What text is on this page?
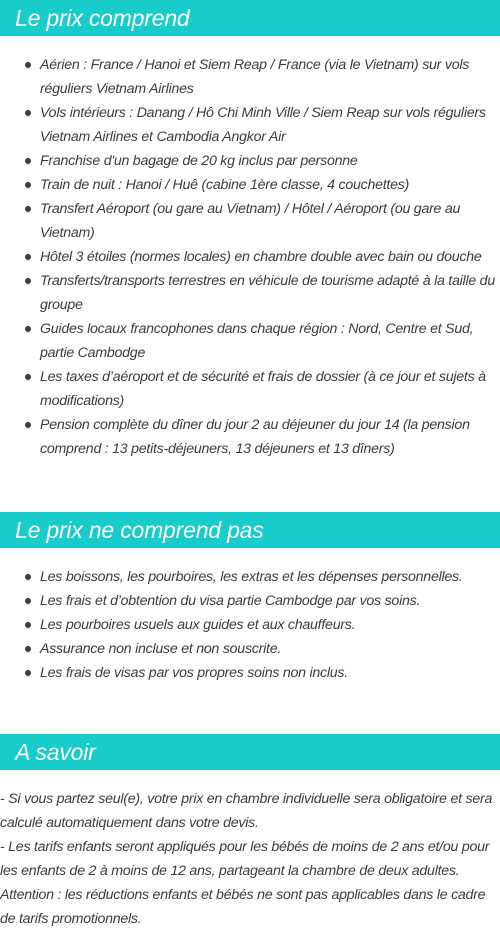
Le prix comprend
Aérien : France / Hanoi et Siem Reap / France (via le Vietnam) sur vols réguliers Vietnam Airlines
Vols intérieurs : Danang / Hô Chi Minh Ville / Siem Reap sur vols réguliers Vietnam Airlines et Cambodia Angkor Air
Franchise d'un bagage de 20 kg inclus par personne
Train de nuit : Hanoi / Huê (cabine 1ère classe, 4 couchettes)
Transfert Aéroport (ou gare au Vietnam) / Hôtel / Aéroport (ou gare au Vietnam)
Hôtel 3 étoiles (normes locales) en chambre double avec bain ou douche
Transferts/transports terrestres en véhicule de tourisme adapté à la taille du groupe
Guides locaux francophones dans chaque région : Nord, Centre et Sud, partie Cambodge
Les taxes d’aéroport et de sécurité et frais de dossier (à ce jour et sujets à modifications)
Pension complète du dîner du jour 2 au déjeuner du jour 14 (la pension comprend : 13 petits-déjeuners, 13 déjeuners et 13 dîners)
Le prix ne comprend pas
Les boissons, les pourboires, les extras et les dépenses personnelles.
Les frais et d’obtention du visa partie Cambodge par vos soins.
Les pourboires usuels aux guides et aux chauffeurs.
Assurance non incluse et non souscrite.
Les frais de visas par vos propres soins non inclus.
A savoir

- Si vous partez seul(e), votre prix en chambre individuelle sera obligatoire et sera calculé automatiquement dans votre devis.

- Les tarifs enfants seront appliqués pour les bébés de moins de 2 ans et/ou pour les enfants de 2 à moins de 12 ans, partageant la chambre de deux adultes.

Attention : les réductions enfants et bébés ne sont pas applicables dans le cadre de tarifs promotionnels.
